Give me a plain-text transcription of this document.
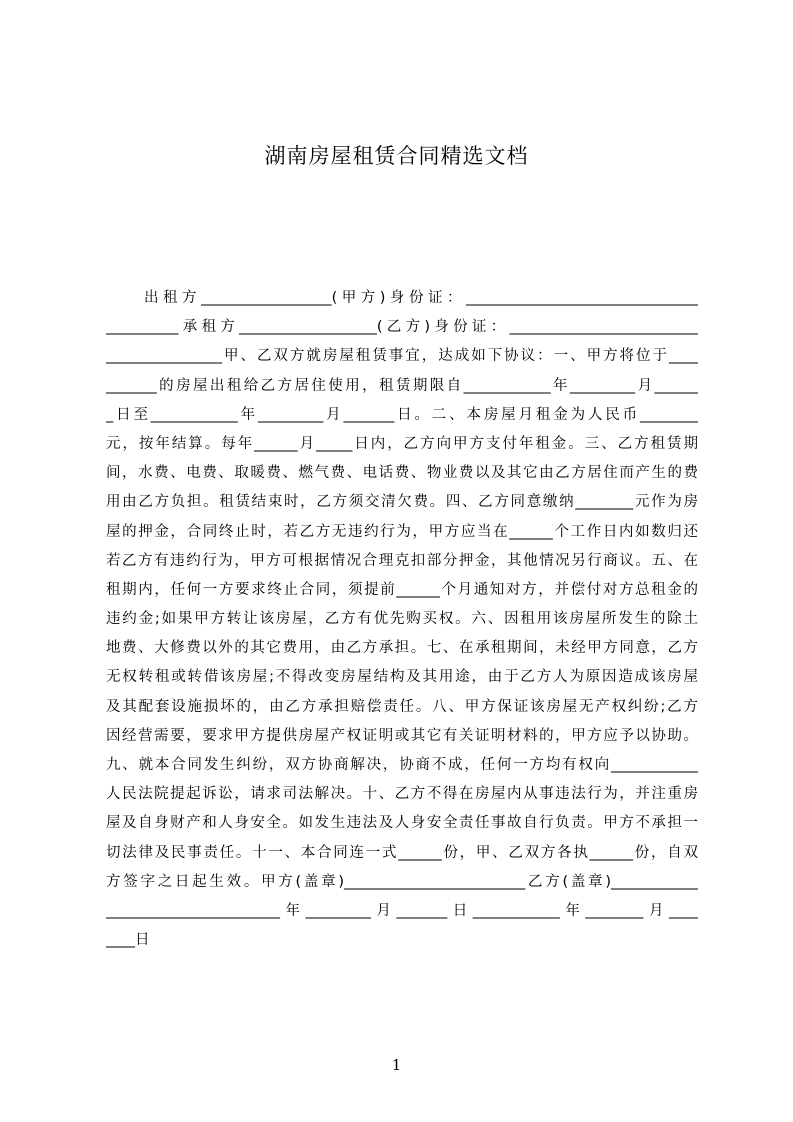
湖南房屋租赁合同精选文档
　　出租方__________________(甲方)身份证：________________________________
__________承租方___________________(乙方)身份证：__________________________
________________甲、乙双方就房屋租赁事宜，达成如下协议：一、甲方将位于____
_______的房屋出租给乙方居住使用，租赁期限自____________年_________月______
_日至____________年_________月_______日。二、本房屋月租金为人民币________
元，按年结算。每年______月_____日内，乙方向甲方支付年租金。三、乙方租赁期
间，水费、电费、取暖费、燃气费、电话费、物业费以及其它由乙方居住而产生的费
用由乙方负担。租赁结束时，乙方须交清欠费。四、乙方同意缴纳________元作为房
屋的押金，合同终止时，若乙方无违约行为，甲方应当在______个工作日内如数归还
若乙方有违约行为，甲方可根据情况合理克扣部分押金，其他情况另行商议。五、在
租期内，任何一方要求终止合同，须提前______个月通知对方，并偿付对方总租金的
违约金;如果甲方转让该房屋，乙方有优先购买权。六、因租用该房屋所发生的除土
地费、大修费以外的其它费用，由乙方承担。七、在承租期间，未经甲方同意，乙方
无权转租或转借该房屋;不得改变房屋结构及其用途，由于乙方人为原因造成该房屋
及其配套设施损坏的，由乙方承担赔偿责任。八、甲方保证该房屋无产权纠纷;乙方
因经营需要，要求甲方提供房屋产权证明或其它有关证明材料的，甲方应予以协助。
九、就本合同发生纠纷，双方协商解决，协商不成，任何一方均有权向____________
人民法院提起诉讼，请求司法解决。十、乙方不得在房屋内从事违法行为，并注重房
屋及自身财产和人身安全。如发生违法及人身安全责任事故自行负责。甲方不承担一
切法律及民事责任。十一、本合同连一式______份，甲、乙双方各执______份，自双
方签字之日起生效。甲方(盖章)_________________________乙方(盖章)____________
________________________年_________月_______日____________年________月____
____日
1
